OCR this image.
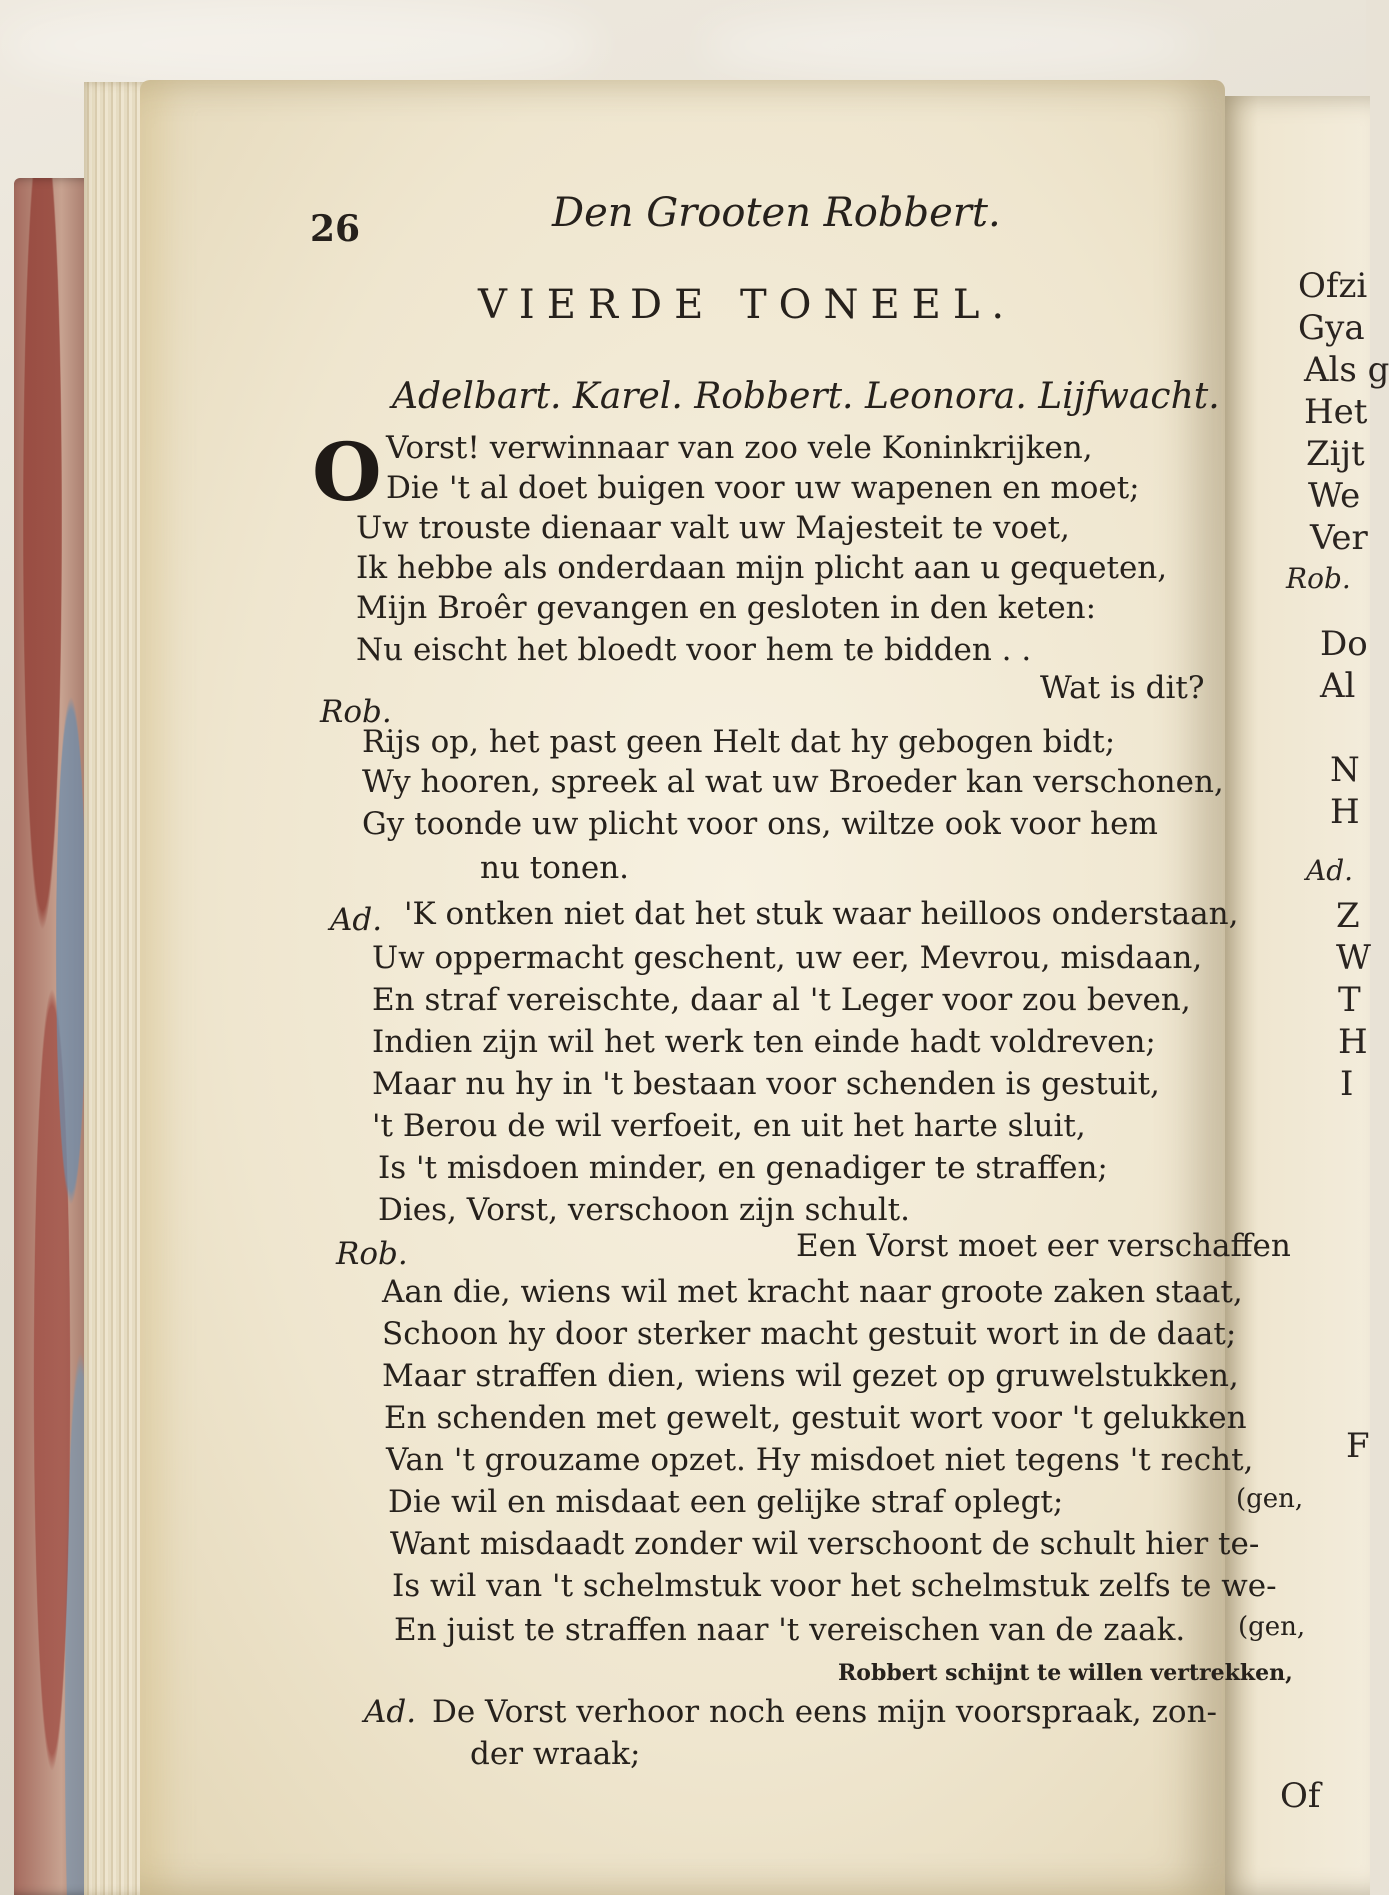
Ofzi
Gya
Als g
Het
Zijt
We
Ver
Rob.
Do
Al
N
H
Ad.
Z
W
T
H
I
F
Of
26	Den Grooten Robbert.
VIERDE TONEEL.
Adelbart. Karel. Robbert. Leonora. Lijfwacht.
O Vorst! verwinnaar van zoo vele Koninkrijken,
Die 't al doet buigen voor uw wapenen en moet;
Uw trouste dienaar valt uw Majesteit te voet,
Ik hebbe als onderdaan mijn plicht aan u gequeten,
Mijn Broêr gevangen en gesloten in den keten:
Nu eischt het bloedt voor hem te bidden . .
Rob.
Wat is dit?
Rijs op, het past geen Helt dat hy gebogen bidt;
Wy hooren, spreek al wat uw Broeder kan verschonen,
Gy toonde uw plicht voor ons, wiltze ook voor hem
nu tonen.
Ad. 'K ontken niet dat het stuk waar heilloos onderstaan,
Uw oppermacht geschent, uw eer, Mevrou, misdaan,
En straf vereischte, daar al 't Leger voor zou beven,
Indien zijn wil het werk ten einde hadt voldreven;
Maar nu hy in 't bestaan voor schenden is gestuit,
't Berou de wil verfoeit, en uit het harte sluit,
Is 't misdoen minder, en genadiger te straffen;
Dies, Vorst, verschoon zijn schult.
Rob.	Een Vorst moet eer verschaffen
Aan die, wiens wil met kracht naar groote zaken staat,
Schoon hy door sterker macht gestuit wort in de daat;
Maar straffen dien, wiens wil gezet op gruwelstukken,
En schenden met gewelt, gestuit wort voor 't gelukken
Van 't grouzame opzet. Hy misdoet niet tegens 't recht,
Die wil en misdaat een gelijke straf oplegt;	(gen,
Want misdaadt zonder wil verschoont de schult hier te-
Is wil van 't schelmstuk voor het schelmstuk zelfs te we-
En juist te straffen naar 't vereischen van de zaak. (gen,
Robbert schijnt te willen vertrekken,
Ad. De Vorst verhoor noch eens mijn voorspraak, zon-
der wraak;
